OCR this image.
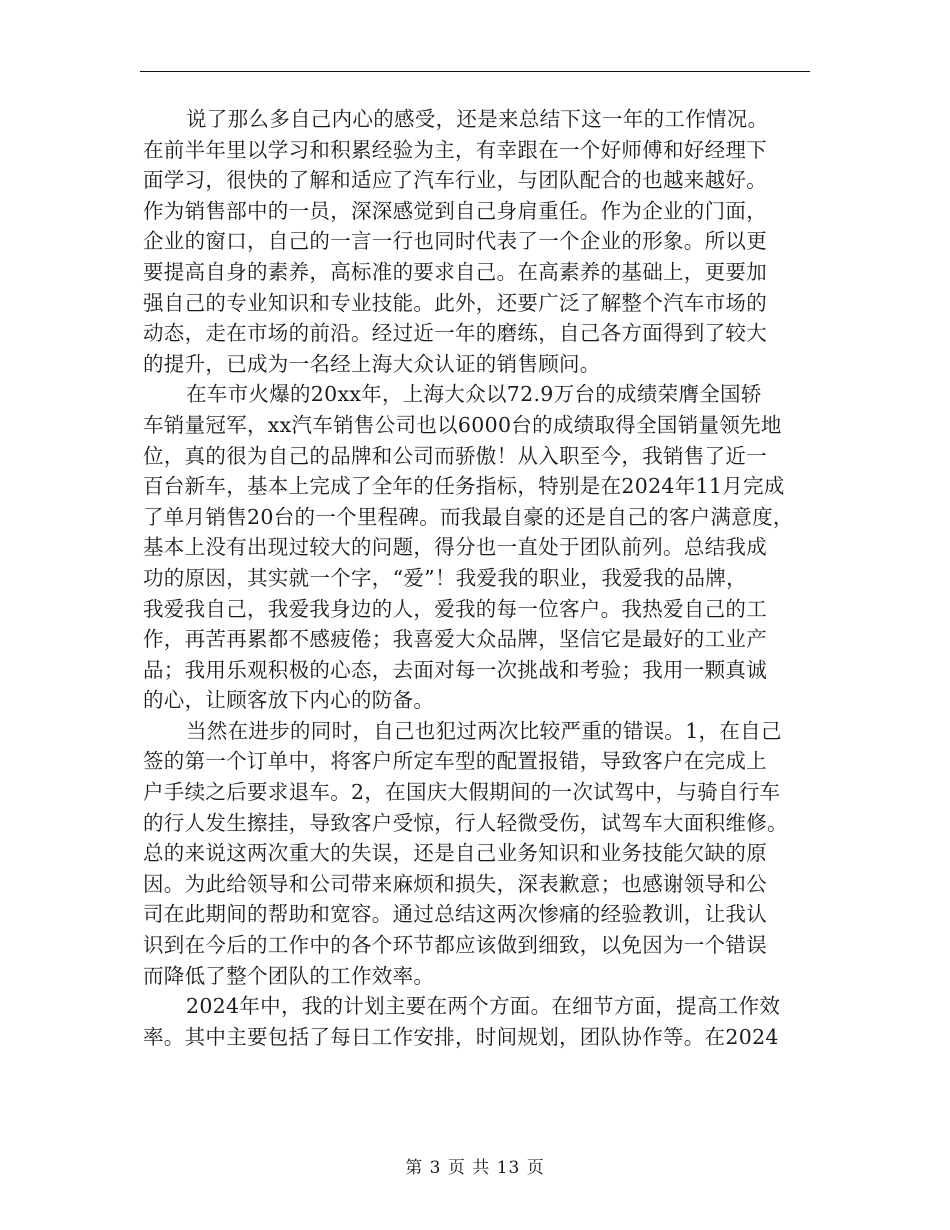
说了那么多自己内心的感受，还是来总结下这一年的工作情况。
在前半年里以学习和积累经验为主，有幸跟在一个好师傅和好经理下
面学习，很快的了解和适应了汽车行业，与团队配合的也越来越好。
作为销售部中的一员，深深感觉到自己身肩重任。作为企业的门面，
企业的窗口，自己的一言一行也同时代表了一个企业的形象。所以更
要提高自身的素养，高标准的要求自己。在高素养的基础上，更要加
强自己的专业知识和专业技能。此外，还要广泛了解整个汽车市场的
动态，走在市场的前沿。经过近一年的磨练，自己各方面得到了较大
的提升，已成为一名经上海大众认证的销售顾问。
在车市火爆的20xx年，上海大众以72.9万台的成绩荣膺全国轿
车销量冠军，xx汽车销售公司也以6000台的成绩取得全国销量领先地
位，真的很为自己的品牌和公司而骄傲！从入职至今，我销售了近一
百台新车，基本上完成了全年的任务指标，特别是在2024年11月完成
了单月销售20台的一个里程碑。而我最自豪的还是自己的客户满意度，
基本上没有出现过较大的问题，得分也一直处于团队前列。总结我成
功的原因，其实就一个字，“爱”！我爱我的职业，我爱我的品牌，
我爱我自己，我爱我身边的人，爱我的每一位客户。我热爱自己的工
作，再苦再累都不感疲倦；我喜爱大众品牌，坚信它是最好的工业产
品；我用乐观积极的心态，去面对每一次挑战和考验；我用一颗真诚
的心，让顾客放下内心的防备。
当然在进步的同时，自己也犯过两次比较严重的错误。1，在自己
签的第一个订单中，将客户所定车型的配置报错，导致客户在完成上
户手续之后要求退车。2，在国庆大假期间的一次试驾中，与骑自行车
的行人发生擦挂，导致客户受惊，行人轻微受伤，试驾车大面积维修。
总的来说这两次重大的失误，还是自己业务知识和业务技能欠缺的原
因。为此给领导和公司带来麻烦和损失，深表歉意；也感谢领导和公
司在此期间的帮助和宽容。通过总结这两次惨痛的经验教训，让我认
识到在今后的工作中的各个环节都应该做到细致，以免因为一个错误
而降低了整个团队的工作效率。
2024年中，我的计划主要在两个方面。在细节方面，提高工作效
率。其中主要包括了每日工作安排，时间规划，团队协作等。在2024
第 3 页 共 13 页
